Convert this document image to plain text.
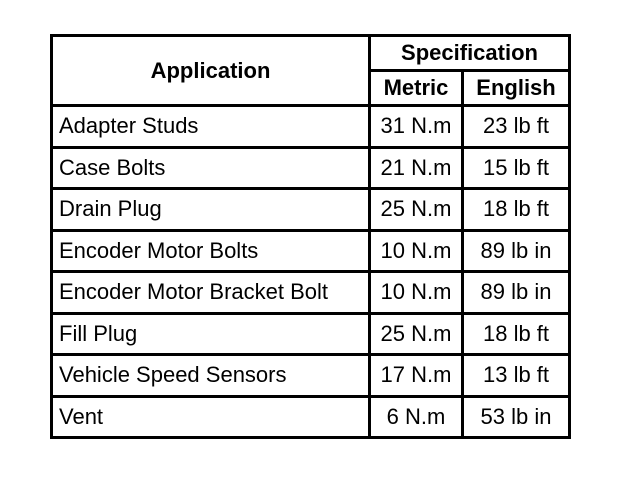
Application	Specification	
	Metric	English
Adapter Studs	31 N.m	23 lb ft
Case Bolts	21 N.m	15 lb ft
Drain Plug	25 N.m	18 lb ft
Encoder Motor Bolts	10 N.m	89 lb in
Encoder Motor Bracket Bolt	10 N.m	89 lb in
Fill Plug	25 N.m	18 lb ft
Vehicle Speed Sensors	17 N.m	13 lb ft
Vent	6 N.m	53 lb in
